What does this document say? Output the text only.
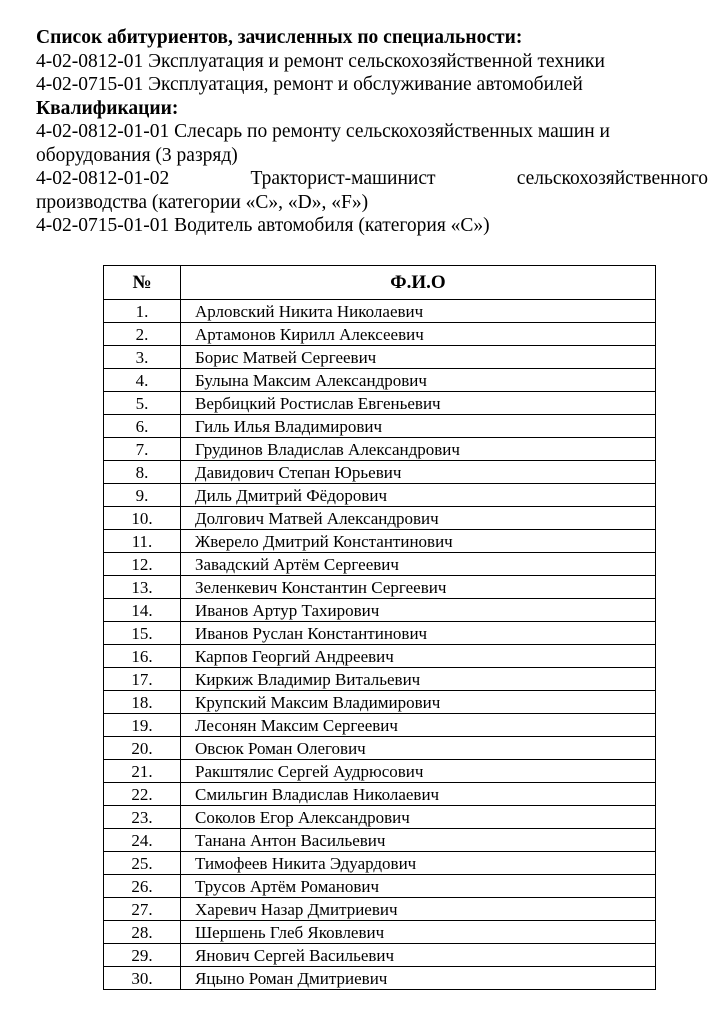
Список абитуриентов, зачисленных по специальности:
4-02-0812-01 Эксплуатация и ремонт сельскохозяйственной техники
4-02-0715-01 Эксплуатация, ремонт и обслуживание автомобилей
Квалификации:
4-02-0812-01-01 Слесарь по ремонту сельскохозяйственных машин и
оборудования (3 разряд)
4-02-0812-01-02	Тракторист-машинист	сельскохозяйственного
производства (категории «C», «D», «F»)
4-02-0715-01-01 Водитель автомобиля (категория «C»)
№	Ф.И.О
1.	Арловский Никита Николаевич
2.	Артамонов Кирилл Алексеевич
3.	Борис Матвей Сергеевич
4.	Булына Максим Александрович
5.	Вербицкий Ростислав Евгеньевич
6.	Гиль Илья Владимирович
7.	Грудинов Владислав Александрович
8.	Давидович Степан Юрьевич
9.	Диль Дмитрий Фёдорович
10.	Долгович Матвей Александрович
11.	Жверело Дмитрий Константинович
12.	Завадский Артём Сергеевич
13.	Зеленкевич Константин Сергеевич
14.	Иванов Артур Тахирович
15.	Иванов Руслан Константинович
16.	Карпов Георгий Андреевич
17.	Киркиж Владимир Витальевич
18.	Крупский Максим Владимирович
19.	Лесонян Максим Сергеевич
20.	Овсюк Роман Олегович
21.	Ракштялис Сергей Аудрюсович
22.	Смильгин Владислав Николаевич
23.	Соколов Егор Александрович
24.	Танана Антон Васильевич
25.	Тимофеев Никита Эдуардович
26.	Трусов Артём Романович
27.	Харевич Назар Дмитриевич
28.	Шершень Глеб Яковлевич
29.	Янович Сергей Васильевич
30.	Яцыно Роман Дмитриевич
